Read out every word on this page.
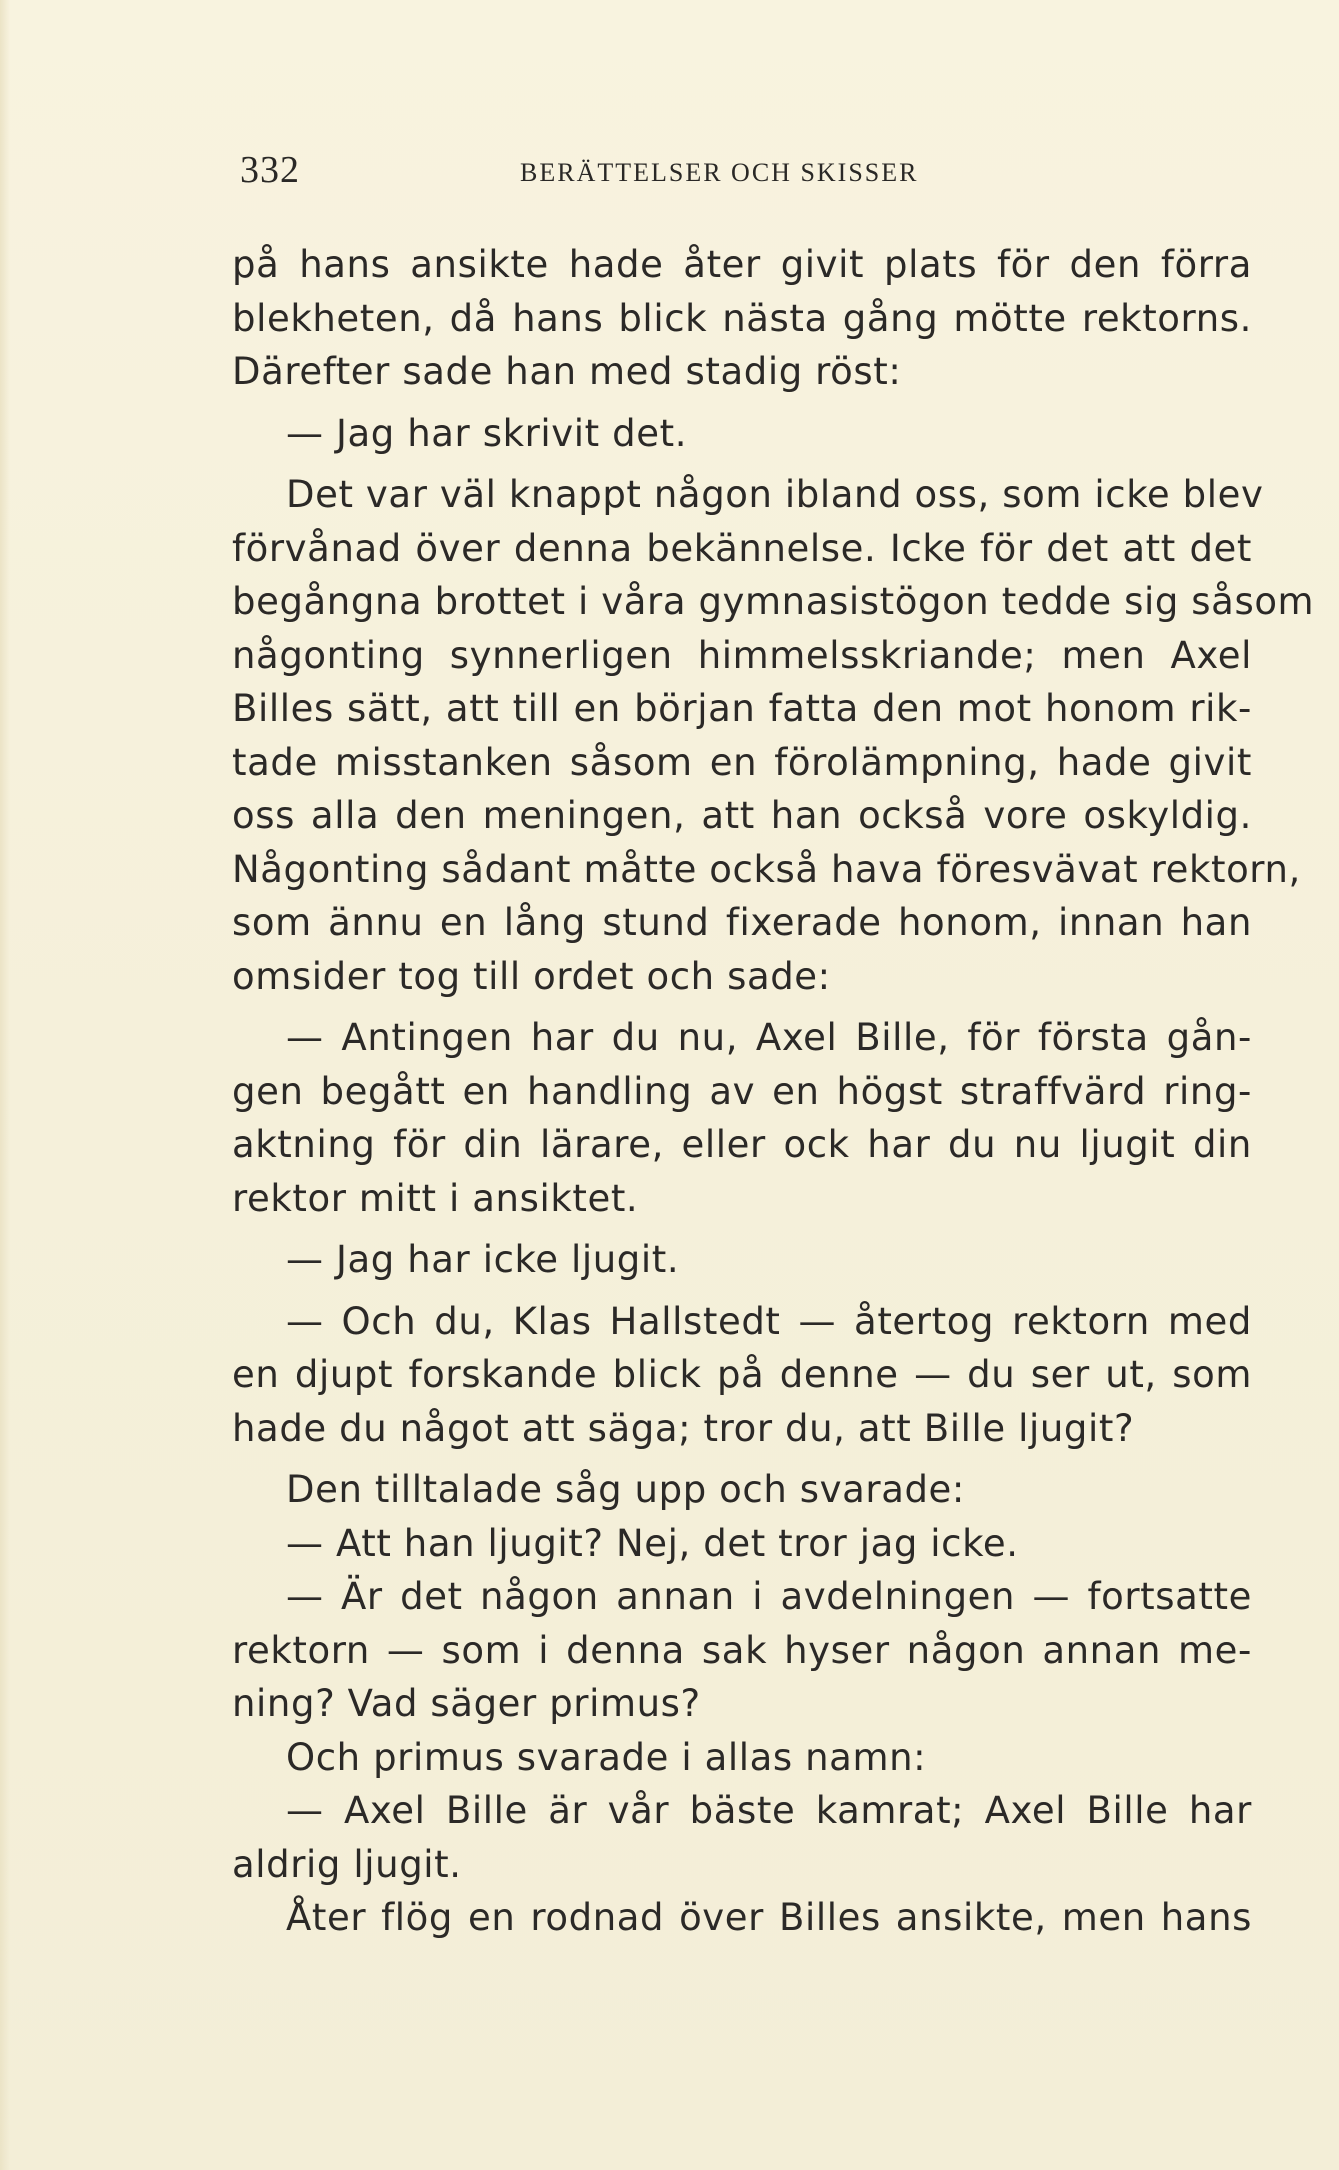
332	BERÄTTELSER OCH SKISSER
på hans ansikte hade åter givit plats för den förra
blekheten, då hans blick nästa gång mötte rektorns.
Därefter sade han med stadig röst:
— Jag har skrivit det.
Det var väl knappt någon ibland oss, som icke blev
förvånad över denna bekännelse. Icke för det att det
begångna brottet i våra gymnasistögon tedde sig såsom
någonting synnerligen himmelsskriande; men Axel
Billes sätt, att till en början fatta den mot honom rik-
tade misstanken såsom en förolämpning, hade givit
oss alla den meningen, att han också vore oskyldig.
Någonting sådant måtte också hava föresvävat rektorn,
som ännu en lång stund fixerade honom, innan han
omsider tog till ordet och sade:
— Antingen har du nu, Axel Bille, för första gån-
gen begått en handling av en högst straffvärd ring-
aktning för din lärare, eller ock har du nu ljugit din
rektor mitt i ansiktet.
— Jag har icke ljugit.
— Och du, Klas Hallstedt — återtog rektorn med
en djupt forskande blick på denne — du ser ut, som
hade du något att säga; tror du, att Bille ljugit?
Den tilltalade såg upp och svarade:
— Att han ljugit? Nej, det tror jag icke.
— Är det någon annan i avdelningen — fortsatte
rektorn — som i denna sak hyser någon annan me-
ning? Vad säger primus?
Och primus svarade i allas namn:
— Axel Bille är vår bäste kamrat; Axel Bille har
aldrig ljugit.
Åter flög en rodnad över Billes ansikte, men hans
